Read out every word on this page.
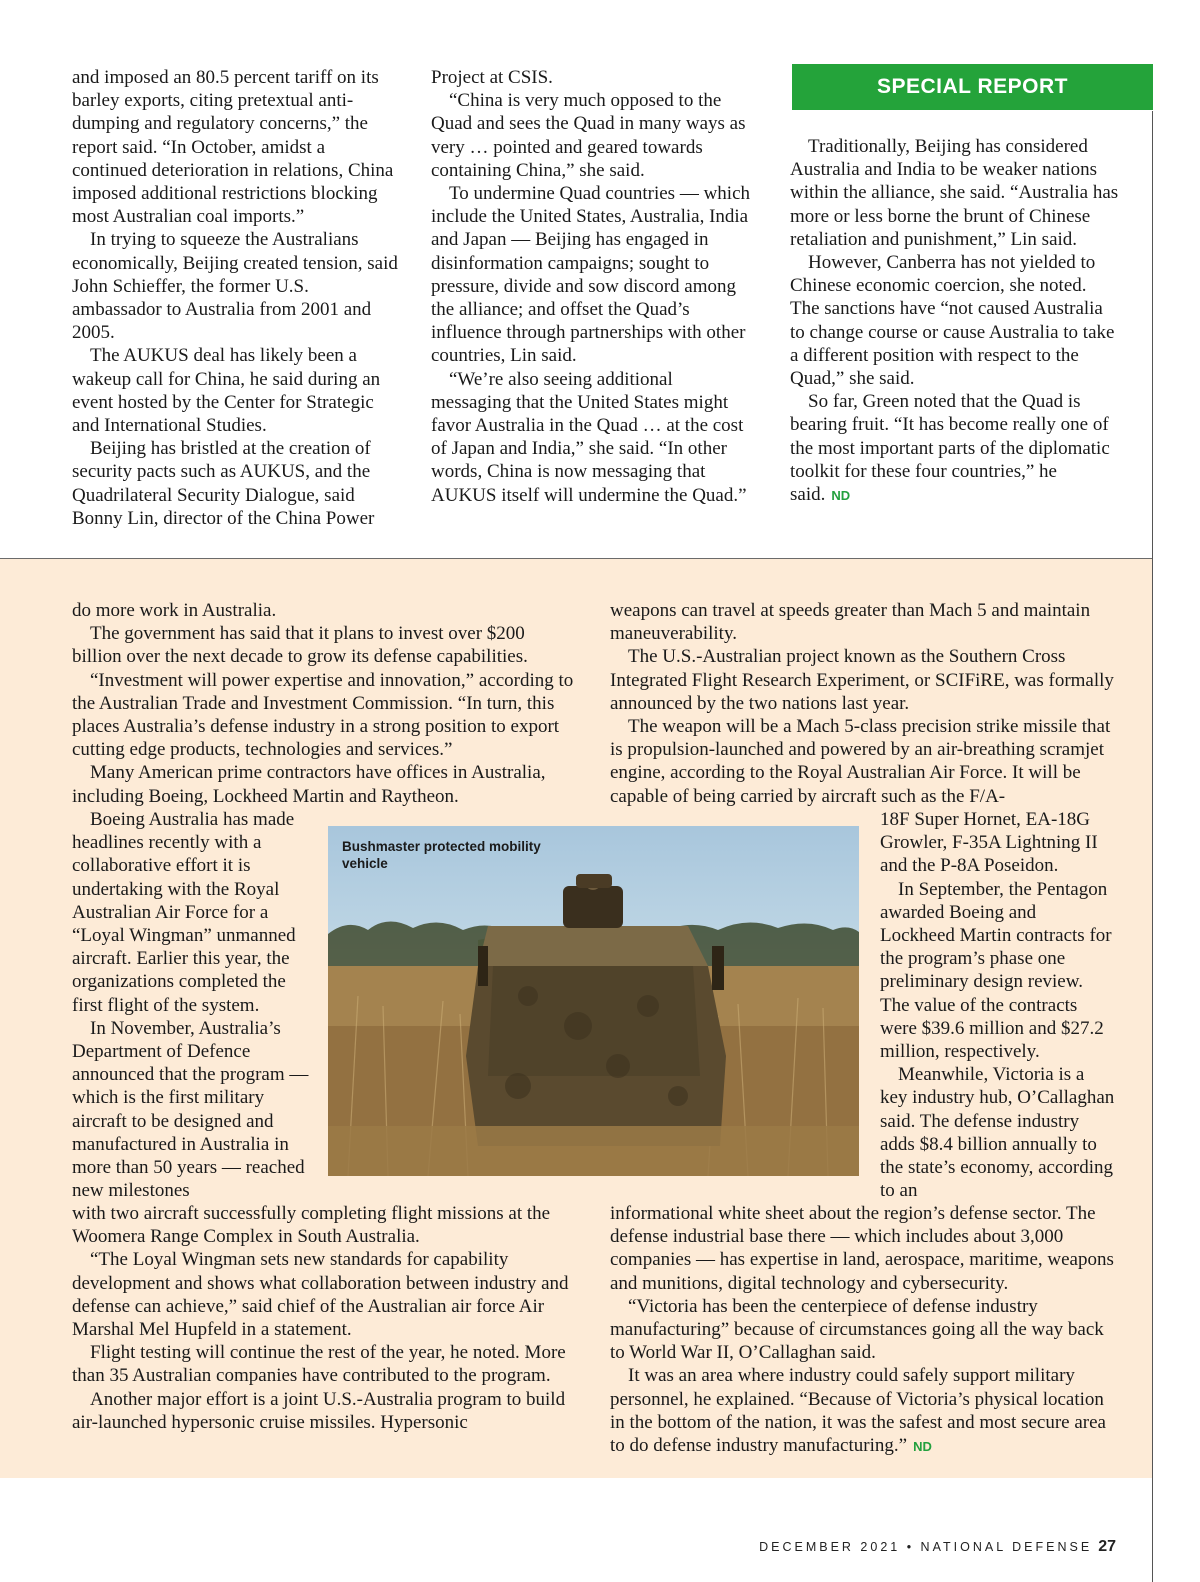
SPECIAL REPORT

and imposed an 80.5 percent tariff on its barley exports, citing pretextual anti-dumping and regulatory concerns,” the report said. “In October, amidst a continued deterioration in relations, China imposed additional restrictions blocking most Australian coal imports.”

In trying to squeeze the Australians economically, Beijing created tension, said John Schieffer, the former U.S. ambassador to Australia from 2001 and 2005.

The AUKUS deal has likely been a wakeup call for China, he said during an event hosted by the Center for Strategic and International Studies.

Beijing has bristled at the creation of security pacts such as AUKUS, and the Quadrilateral Security Dialogue, said Bonny Lin, director of the China Power

Project at CSIS.

“China is very much opposed to the Quad and sees the Quad in many ways as very … pointed and geared towards containing China,” she said.

To undermine Quad countries — which include the United States, Australia, India and Japan — Beijing has engaged in disinformation campaigns; sought to pressure, divide and sow discord among the alliance; and offset the Quad’s influence through partnerships with other countries, Lin said.

“We’re also seeing additional messaging that the United States might favor Australia in the Quad … at the cost of Japan and India,” she said. “In other words, China is now messaging that AUKUS itself will undermine the Quad.”

Traditionally, Beijing has considered Australia and India to be weaker nations within the alliance, she said. “Australia has more or less borne the brunt of Chinese retaliation and punishment,” Lin said.

However, Canberra has not yielded to Chinese economic coercion, she noted. The sanctions have “not caused Australia to change course or cause Australia to take a different position with respect to the Quad,” she said.

So far, Green noted that the Quad is bearing fruit. “It has become really one of the most important parts of the diplomatic toolkit for these four countries,” he said. ND

do more work in Australia.

The government has said that it plans to invest over $200 billion over the next decade to grow its defense capabilities.

“Investment will power expertise and innovation,” according to the Australian Trade and Investment Commission. “In turn, this places Australia’s defense industry in a strong position to export cutting edge products, technologies and services.”

Many American prime contractors have offices in Australia, including Boeing, Lockheed Martin and Raytheon.

Boeing Australia has made headlines recently with a collaborative effort it is undertaking with the Royal Australian Air Force for a “Loyal Wingman” unmanned aircraft. Earlier this year, the organizations completed the first flight of the system.

In November, Australia’s Department of Defence announced that the program — which is the first military aircraft to be designed and manufactured in Australia in more than 50 years — reached new milestones

with two aircraft successfully completing flight missions at the Woomera Range Complex in South Australia.

“The Loyal Wingman sets new standards for capability development and shows what collaboration between industry and defense can achieve,” said chief of the Australian air force Air Marshal Mel Hupfeld in a statement.

Flight testing will continue the rest of the year, he noted. More than 35 Australian companies have contributed to the program.

Another major effort is a joint U.S.-Australia program to build air-launched hypersonic cruise missiles. Hypersonic

weapons can travel at speeds greater than Mach 5 and maintain maneuverability.

The U.S.-Australian project known as the Southern Cross Integrated Flight Research Experiment, or SCIFiRE, was formally announced by the two nations last year.

The weapon will be a Mach 5-class precision strike missile that is propulsion-launched and powered by an air-breathing scramjet engine, according to the Royal Australian Air Force. It will be capable of being carried by aircraft such as the F/A-

18F Super Hornet, EA-18G Growler, F-35A Lightning II and the P-8A Poseidon.

In September, the Pentagon awarded Boeing and Lockheed Martin contracts for the program’s phase one preliminary design review. The value of the contracts were $39.6 million and $27.2 million, respectively.

Meanwhile, Victoria is a key industry hub, O’Callaghan said. The defense industry adds $8.4 billion annually to the state’s economy, according to an

informational white sheet about the region’s defense sector. The defense industrial base there — which includes about 3,000 companies — has expertise in land, aerospace, maritime, weapons and munitions, digital technology and cybersecurity.

“Victoria has been the centerpiece of defense industry manufacturing” because of circumstances going all the way back to World War II, O’Callaghan said.

It was an area where industry could safely support military personnel, he explained. “Because of Victoria’s physical location in the bottom of the nation, it was the safest and most secure area to do defense industry manufacturing.” ND

Bushmaster protected mobility vehicle
DECEMBER 2021 • NATIONAL DEFENSE 27
